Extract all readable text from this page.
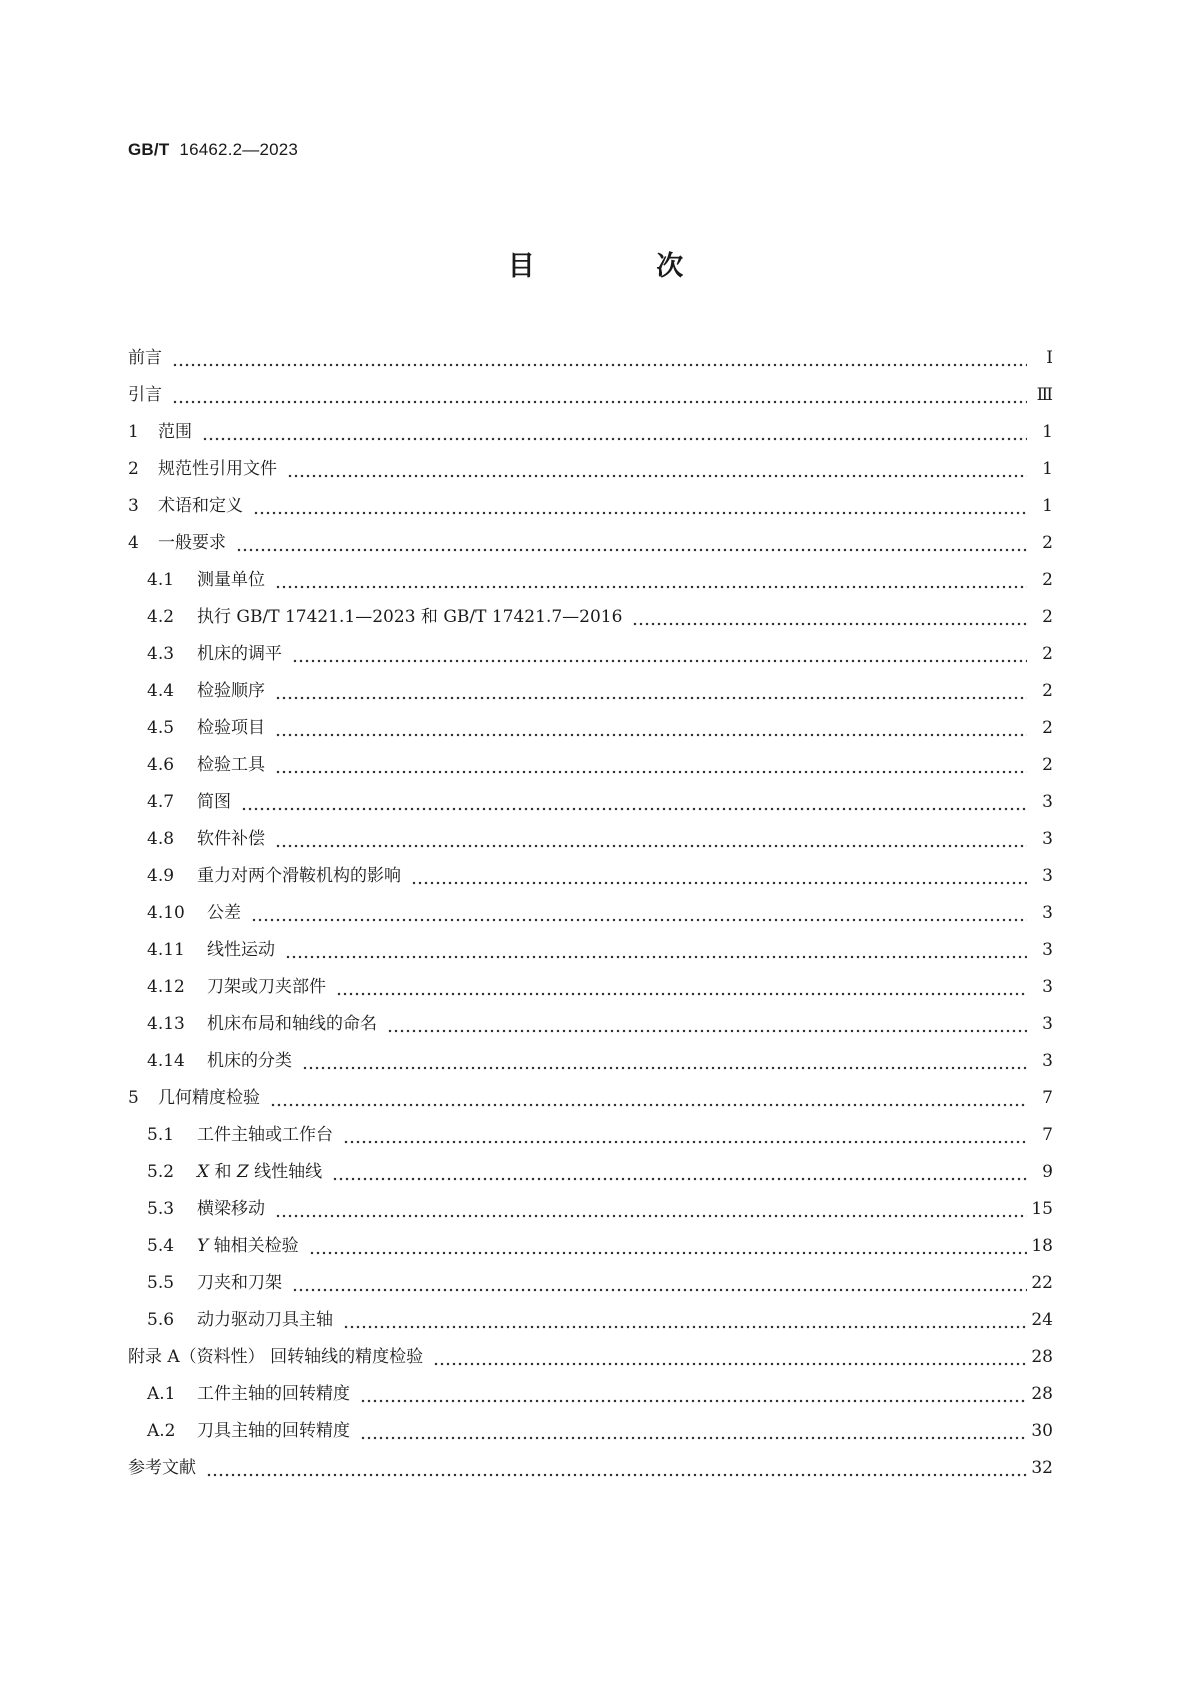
GB/T 16462.2—2023
目 次
前言	Ⅰ
引言	Ⅲ
1	范围	1
2	规范性引用文件	1
3	术语和定义	1
4	一般要求	2
4.1	测量单位	2
4.2	执行 GB/T 17421.1—2023 和 GB/T 17421.7—2016	2
4.3	机床的调平	2
4.4	检验顺序	2
4.5	检验项目	2
4.6	检验工具	2
4.7	简图	3
4.8	软件补偿	3
4.9	重力对两个滑鞍机构的影响	3
4.10	公差	3
4.11	线性运动	3
4.12	刀架或刀夹部件	3
4.13	机床布局和轴线的命名	3
4.14	机床的分类	3
5	几何精度检验	7
5.1	工件主轴或工作台	7
5.2	X 和 Z 线性轴线	9
5.3	横梁移动	15
5.4	Y 轴相关检验	18
5.5	刀夹和刀架	22
5.6	动力驱动刀具主轴	24
附录 A（资料性） 回转轴线的精度检验	28
A.1	工件主轴的回转精度	28
A.2	刀具主轴的回转精度	30
参考文献	32
